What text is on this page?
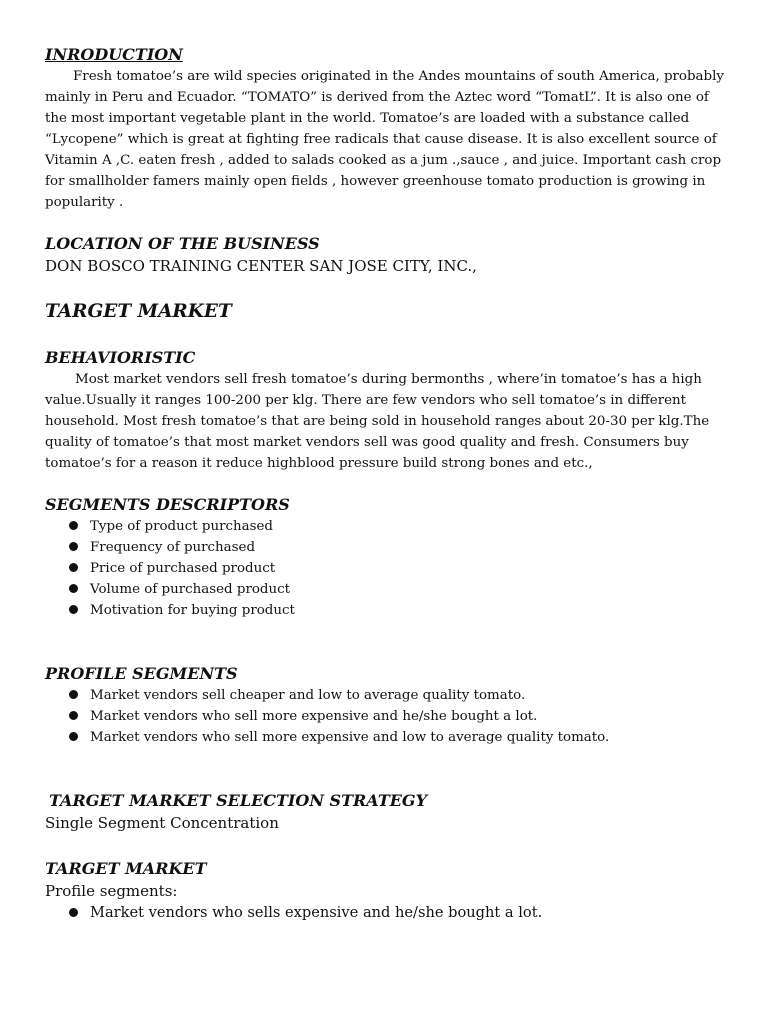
INRODUCTION

Fresh tomatoe’s are wild species originated in the Andes mountains of south America, probably mainly in Peru and Ecuador. “TOMATO” is derived from the Aztec word “TomatL”. It is also one of the most important vegetable plant in the world. Tomatoe’s are loaded with a substance called “Lycopene” which is great at fighting free radicals that cause disease. It is also excellent source of Vitamin A ,C. eaten fresh , added to salads cooked as a jum .,sauce , and juice. Important cash crop for smallholder famers mainly open fields , however greenhouse tomato production is growing in popularity .

LOCATION OF THE BUSINESS

DON BOSCO TRAINING CENTER SAN JOSE CITY, INC.,

TARGET MARKET

BEHAVIORISTIC

Most market vendors sell fresh tomatoe’s during bermonths , where’in tomatoe’s has a high value.Usually it ranges 100-200 per klg. There are few vendors who sell tomatoe’s in different household. Most fresh tomatoe’s that are being sold in household ranges about 20-30 per klg.The quality of tomatoe’s that most market vendors sell was good quality and fresh. Consumers buy tomatoe’s for a reason it reduce highblood pressure build strong bones and etc.,

SEGMENTS DESCRIPTORS

Type of product purchased
Frequency of purchased
Price of purchased product
Volume of purchased product
Motivation for buying product

PROFILE SEGMENTS

Market vendors sell cheaper and low to average quality tomato.
Market vendors who sell more expensive and he/she bought a lot.
Market vendors who sell more expensive and low to average quality tomato.

TARGET MARKET SELECTION STRATEGY

Single Segment Concentration

TARGET MARKET

Profile segments:

Market vendors who sells expensive and he/she bought a lot.
